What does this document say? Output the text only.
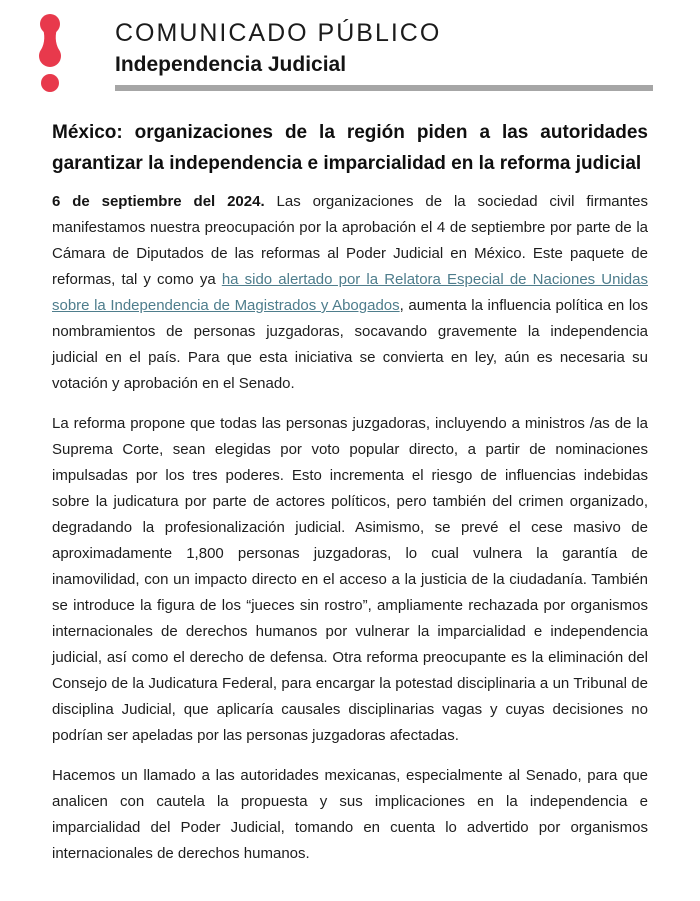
COMUNICADO PÚBLICO
Independencia Judicial
México: organizaciones de la región piden a las autoridades garantizar la independencia e imparcialidad en la reforma judicial

6 de septiembre del 2024. Las organizaciones de la sociedad civil firmantes manifestamos nuestra preocupación por la aprobación el 4 de septiembre por parte de la Cámara de Diputados de las reformas al Poder Judicial en México. Este paquete de reformas, tal y como ya ha sido alertado por la Relatora Especial de Naciones Unidas sobre la Independencia de Magistrados y Abogados, aumenta la influencia política en los nombramientos de personas juzgadoras, socavando gravemente la independencia judicial en el país. Para que esta iniciativa se convierta en ley, aún es necesaria su votación y aprobación en el Senado.

La reforma propone que todas las personas juzgadoras, incluyendo a ministros /as de la Suprema Corte, sean elegidas por voto popular directo, a partir de nominaciones impulsadas por los tres poderes. Esto incrementa el riesgo de influencias indebidas sobre la judicatura por parte de actores políticos, pero también del crimen organizado, degradando la profesionalización judicial. Asimismo, se prevé el cese masivo de aproximadamente 1,800 personas juzgadoras, lo cual vulnera la garantía de inamovilidad, con un impacto directo en el acceso a la justicia de la ciudadanía. También se introduce la figura de los “jueces sin rostro”, ampliamente rechazada por organismos internacionales de derechos humanos por vulnerar la imparcialidad e independencia judicial, así como el derecho de defensa. Otra reforma preocupante es la eliminación del Consejo de la Judicatura Federal, para encargar la potestad disciplinaria a un Tribunal de disciplina Judicial, que aplicaría causales disciplinarias vagas y cuyas decisiones no podrían ser apeladas por las personas juzgadoras afectadas.

Hacemos un llamado a las autoridades mexicanas, especialmente al Senado, para que analicen con cautela la propuesta y sus implicaciones en la independencia e imparcialidad del Poder Judicial, tomando en cuenta lo advertido por organismos internacionales de derechos humanos.
